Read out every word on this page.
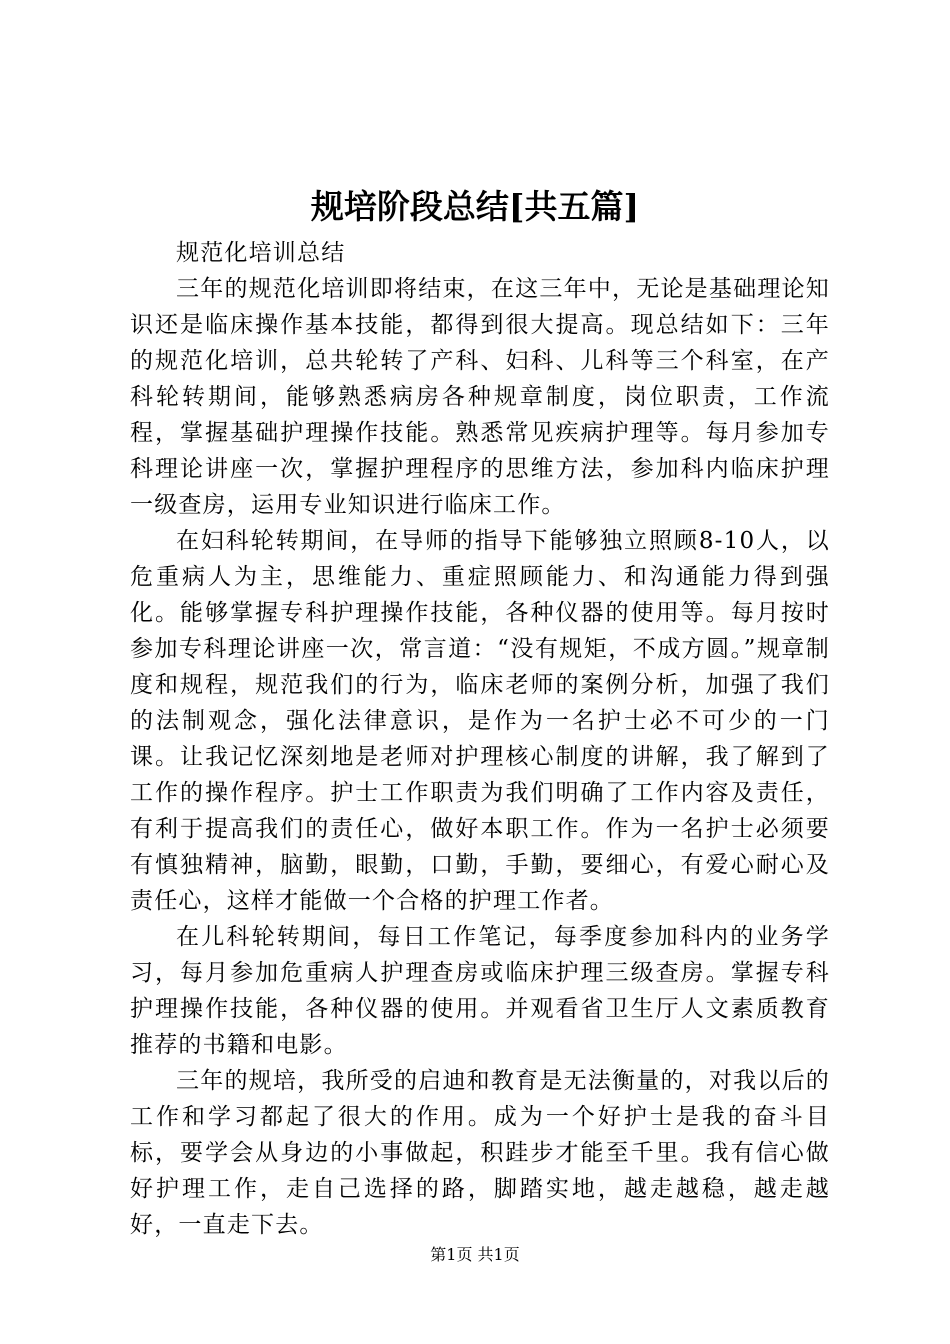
规培阶段总结[共五篇]

规范化培训总结

三年的规范化培训即将结束，在这三年中，无论是基础理论知识还是临床操作基本技能，都得到很大提高。现总结如下：三年的规范化培训，总共轮转了产科、妇科、儿科等三个科室，在产科轮转期间，能够熟悉病房各种规章制度，岗位职责，工作流程，掌握基础护理操作技能。熟悉常见疾病护理等。每月参加专科理论讲座一次，掌握护理程序的思维方法，参加科内临床护理一级查房，运用专业知识进行临床工作。

在妇科轮转期间，在导师的指导下能够独立照顾8-10人，以危重病人为主，思维能力、重症照顾能力、和沟通能力得到强化。能够掌握专科护理操作技能，各种仪器的使用等。每月按时参加专科理论讲座一次，常言道：“没有规矩，不成方圆。”规章制度和规程，规范我们的行为，临床老师的案例分析，加强了我们的法制观念，强化法律意识，是作为一名护士必不可少的一门课。让我记忆深刻地是老师对护理核心制度的讲解，我了解到了工作的操作程序。护士工作职责为我们明确了工作内容及责任，有利于提高我们的责任心，做好本职工作。作为一名护士必须要有慎独精神，脑勤，眼勤，口勤，手勤，要细心，有爱心耐心及责任心，这样才能做一个合格的护理工作者。

在儿科轮转期间，每日工作笔记，每季度参加科内的业务学习，每月参加危重病人护理查房或临床护理三级查房。掌握专科护理操作技能，各种仪器的使用。并观看省卫生厅人文素质教育推荐的书籍和电影。

三年的规培，我所受的启迪和教育是无法衡量的，对我以后的工作和学习都起了很大的作用。成为一个好护士是我的奋斗目标，要学会从身边的小事做起，积跬步才能至千里。我有信心做好护理工作，走自己选择的路，脚踏实地，越走越稳，越走越好，一直走下去。

第1页 共1页
